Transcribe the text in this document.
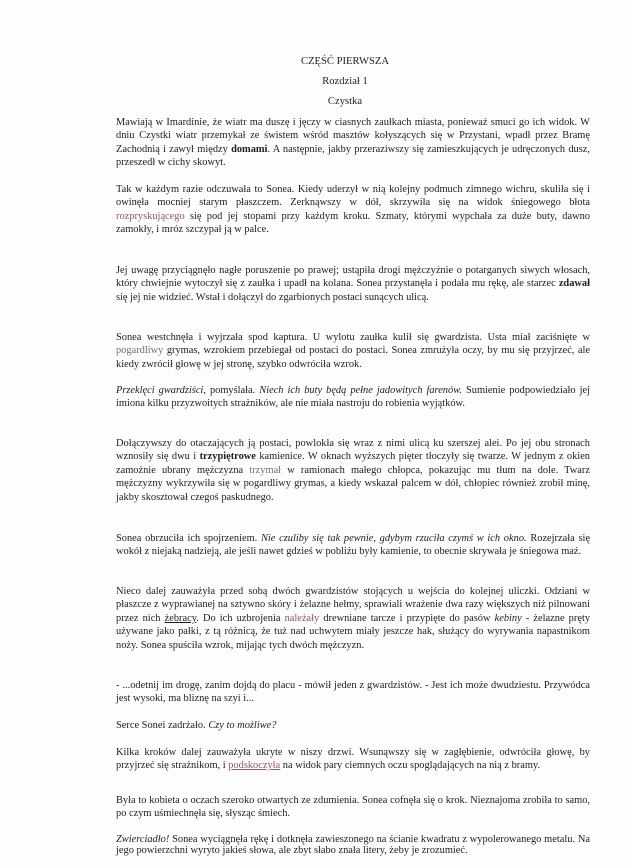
CZĘŚĆ PIERWSZA
Rozdział 1
Czystka
Mawiają w Imardinie, że wiatr ma duszę i jęczy w ciasnych zaułkach miasta, ponieważ smuci go ich widok. W dniu Czystki wiatr przemykał ze świstem wśród masztów kołyszących się w Przystani, wpadł przez Bramę Zachodnią i zawył między domami. A następnie, jakby przeraziwszy się zamieszkujących je udręczonych dusz, przeszedł w cichy skowyt.
Tak w każdym razie odczuwała to Sonea. Kiedy uderzył w nią kolejny podmuch zimnego wichru, skuliła się i owinęła mocniej starym płaszczem. Zerknąwszy w dół, skrzywiła się na widok śniegowego błota rozpryskującego się pod jej stopami przy każdym kroku. Szmaty, którymi wypchała za duże buty, dawno zamokły, i mróz szczypał ją w palce.
Jej uwagę przyciągnęło nagłe poruszenie po prawej; ustąpiła drogi mężczyźnie o potarganych siwych włosach, który chwiejnie wytoczył się z zaułka i upadł na kolana. Sonea przystanęła i podała mu rękę, ale starzec zdawał się jej nie widzieć. Wstał i dołączył do zgarbionych postaci sunących ulicą.
Sonea westchnęła i wyjrzała spod kaptura. U wylotu zaułka kulił się gwardzista. Usta miał zaciśnięte w pogardliwy grymas, wzrokiem przebiegał od postaci do postaci. Sonea zmrużyła oczy, by mu się przyjrzeć, ale kiedy zwrócił głowę w jej stronę, szybko odwróciła wzrok.
Przeklęci gwardziści, pomyślała. Niech ich buty będą pełne jadowitych farenów. Sumienie podpowiedziało jej imiona kilku przyzwoitych strażników, ale nie miała nastroju do robienia wyjątków.
Dołączywszy do otaczających ją postaci, powlokła się wraz z nimi ulicą ku szerszej alei. Po jej obu stronach wznosiły się dwu i trzypiętrowe kamienice. W oknach wyższych pięter tłoczyły się twarze. W jednym z okien zamożnie ubrany mężczyzna trzymał w ramionach małego chłopca, pokazując mu tłum na dole. Twarz mężczyzny wykrzywiła się w pogardliwy grymas, a kiedy wskazał palcem w dół, chłopiec również zrobił minę, jakby skosztował czegoś paskudnego.
Sonea obrzuciła ich spojrzeniem. Nie czuliby się tak pewnie, gdybym rzuciła czymś w ich okno. Rozejrzała się wokół z niejaką nadzieją, ale jeśli nawet gdzieś w pobliżu były kamienie, to obecnie skrywała je śniegowa maź.
Nieco dalej zauważyła przed sobą dwóch gwardzistów stojących u wejścia do kolejnej uliczki. Odziani w płaszcze z wyprawianej na sztywno skóry i żelazne hełmy, sprawiali wrażenie dwa razy większych niż pilnowani przez nich żebracy. Do ich uzbrojenia należały drewniane tarcze i przypięte do pasów kebiny - żelazne pręty używane jako pałki, z tą różnicą, że tuż nad uchwytem miały jeszcze hak, służący do wyrywania napastnikom noży. Sonea spuściła wzrok, mijając tych dwóch mężczyzn.
- ...odetnij im drogę, zanim dojdą do placu - mówił jeden z gwardzistów. - Jest ich może dwudziestu. Przywódca jest wysoki, ma bliznę na szyi i...
Serce Sonei zadrżało. Czy to możliwe?
Kilka kroków dalej zauważyła ukryte w niszy drzwi. Wsunąwszy się w zagłębienie, odwróciła głowę, by przyjrzeć się strażnikom, i podskoczyła na widok pary ciemnych oczu spoglądających na nią z bramy.
Była to kobieta o oczach szeroko otwartych ze zdumienia. Sonea cofnęła się o krok. Nieznajoma zrobiła to samo, po czym uśmiechnęła się, słysząc śmiech.
Zwierciadło! Sonea wyciągnęła rękę i dotknęła zawieszonego na ścianie kwadratu z wypolerowanego metalu. Na jego powierzchni wyryto jakieś słowa, ale zbyt słabo znała litery, żeby je zrozumieć.
